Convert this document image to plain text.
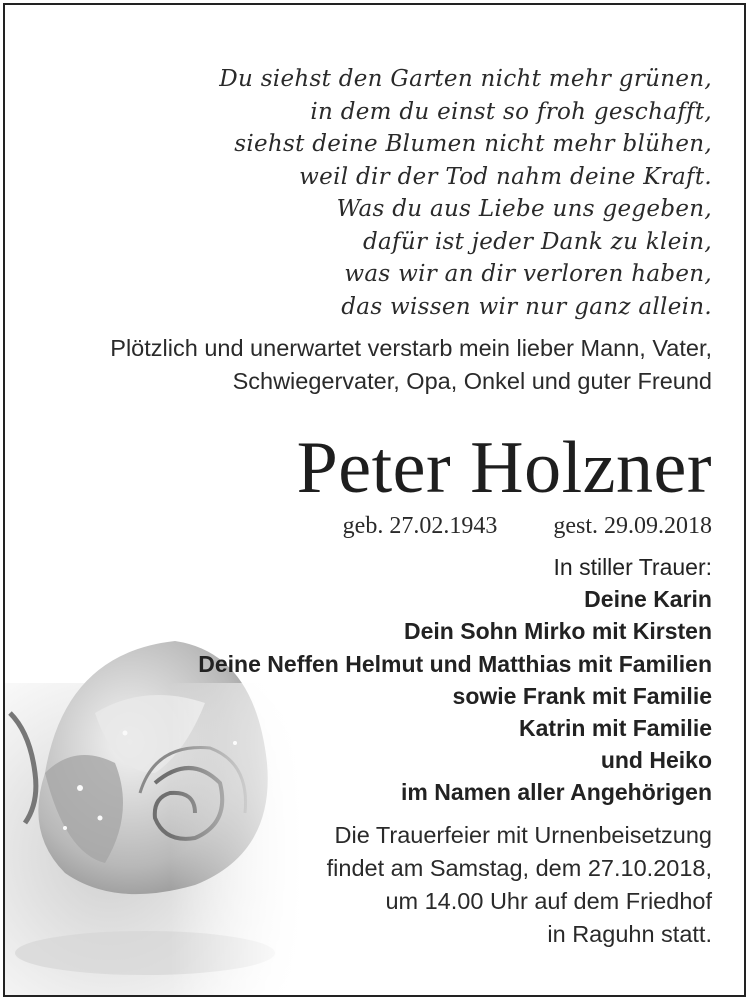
Du siehst den Garten nicht mehr grünen,
in dem du einst so froh geschafft,
siehst deine Blumen nicht mehr blühen,
weil dir der Tod nahm deine Kraft.
Was du aus Liebe uns gegeben,
dafür ist jeder Dank zu klein,
was wir an dir verloren haben,
das wissen wir nur ganz allein.
Plötzlich und unerwartet verstarb mein lieber Mann, Vater,
Schwiegervater, Opa, Onkel und guter Freund
Peter Holzner
geb. 27.02.1943 gest. 29.09.2018
In stiller Trauer:
Deine Karin
Dein Sohn Mirko mit Kirsten
Deine Neffen Helmut und Matthias mit Familien
sowie Frank mit Familie
Katrin mit Familie
und Heiko
im Namen aller Angehörigen
Die Trauerfeier mit Urnenbeisetzung
findet am Samstag, dem 27.10.2018,
um 14.00 Uhr auf dem Friedhof
in Raguhn statt.
